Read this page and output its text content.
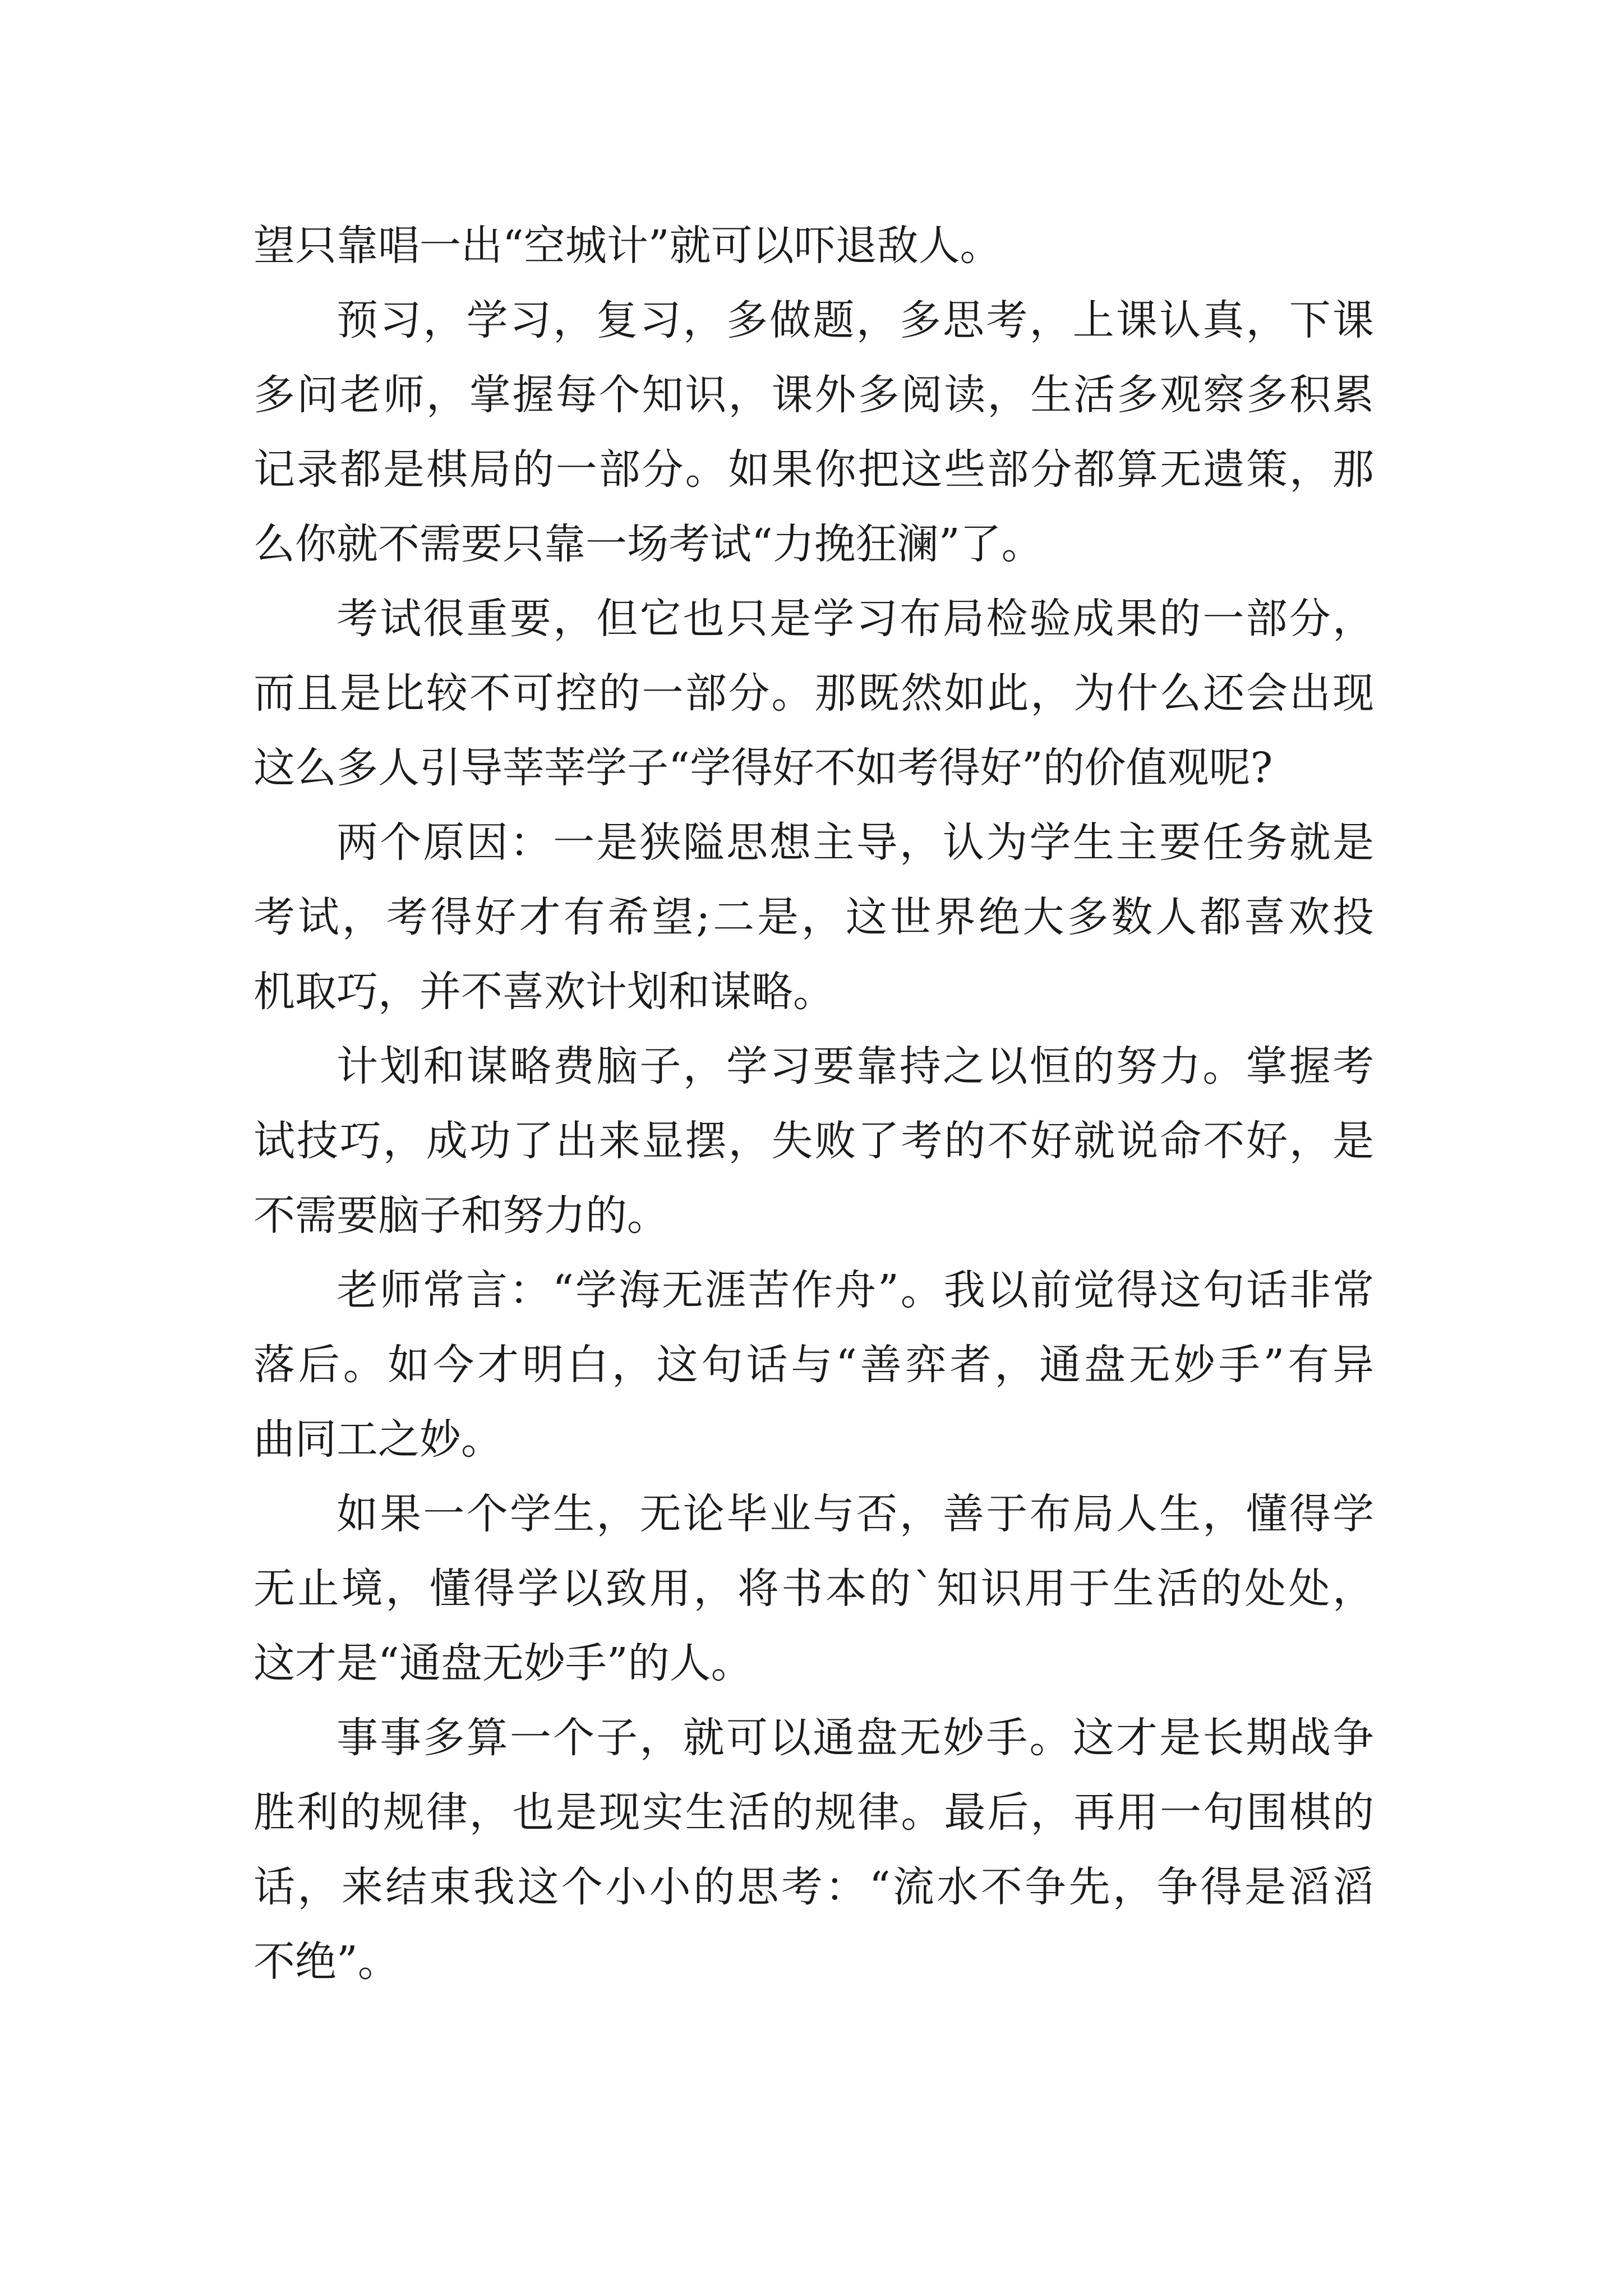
望只靠唱一出“空城计”就可以吓退敌人。
预习，学习，复习，多做题，多思考，上课认真，下课
多问老师，掌握每个知识，课外多阅读，生活多观察多积累
记录都是棋局的一部分。如果你把这些部分都算无遗策，那
么你就不需要只靠一场考试“力挽狂澜”了。
考试很重要，但它也只是学习布局检验成果的一部分，
而且是比较不可控的一部分。那既然如此，为什么还会出现
这么多人引导莘莘学子“学得好不如考得好”的价值观呢?
两个原因：一是狭隘思想主导，认为学生主要任务就是
考试，考得好才有希望;二是，这世界绝大多数人都喜欢投
机取巧，并不喜欢计划和谋略。
计划和谋略费脑子，学习要靠持之以恒的努力。掌握考
试技巧，成功了出来显摆，失败了考的不好就说命不好，是
不需要脑子和努力的。
老师常言：“学海无涯苦作舟”。我以前觉得这句话非常
落后。如今才明白，这句话与“善弈者，通盘无妙手”有异
曲同工之妙。
如果一个学生，无论毕业与否，善于布局人生，懂得学
无止境，懂得学以致用，将书本的`知识用于生活的处处，
这才是“通盘无妙手”的人。
事事多算一个子，就可以通盘无妙手。这才是长期战争
胜利的规律，也是现实生活的规律。最后，再用一句围棋的
话，来结束我这个小小的思考：“流水不争先，争得是滔滔
不绝”。
